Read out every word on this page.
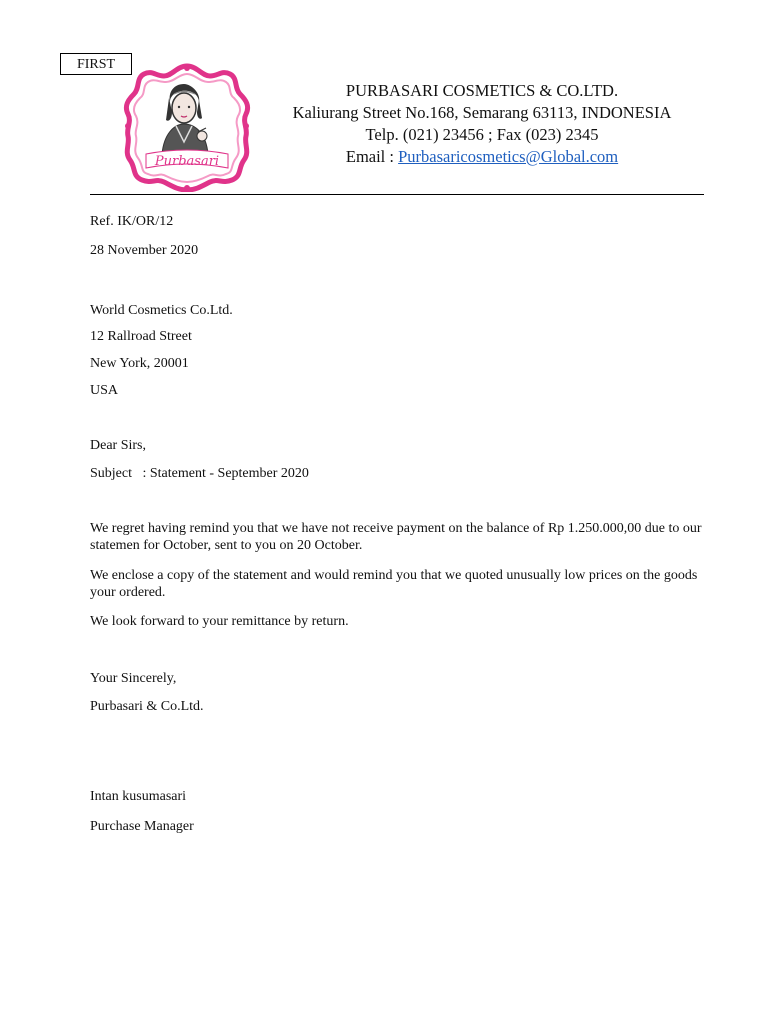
FIRST
Purbasari
PURBASARI COSMETICS & CO.LTD.
Kaliurang Street No.168, Semarang 63113, INDONESIA
Telp. (021) 23456 ; Fax (023) 2345
Email : Purbasaricosmetics@Global.com
Ref. IK/OR/12
28 November 2020
World Cosmetics Co.Ltd.
12 Rallroad Street
New York, 20001
USA
Dear Sirs,
Subject   : Statement - September 2020
We regret having remind you that we have not receive payment on the balance of Rp 1.250.000,00 due to our statemen for October, sent to you on 20 October.
We enclose a copy of the statement and would remind you that we quoted unusually low prices on the goods your ordered.
We look forward to your remittance by return.
Your Sincerely,
Purbasari & Co.Ltd.
Intan kusumasari
Purchase Manager
